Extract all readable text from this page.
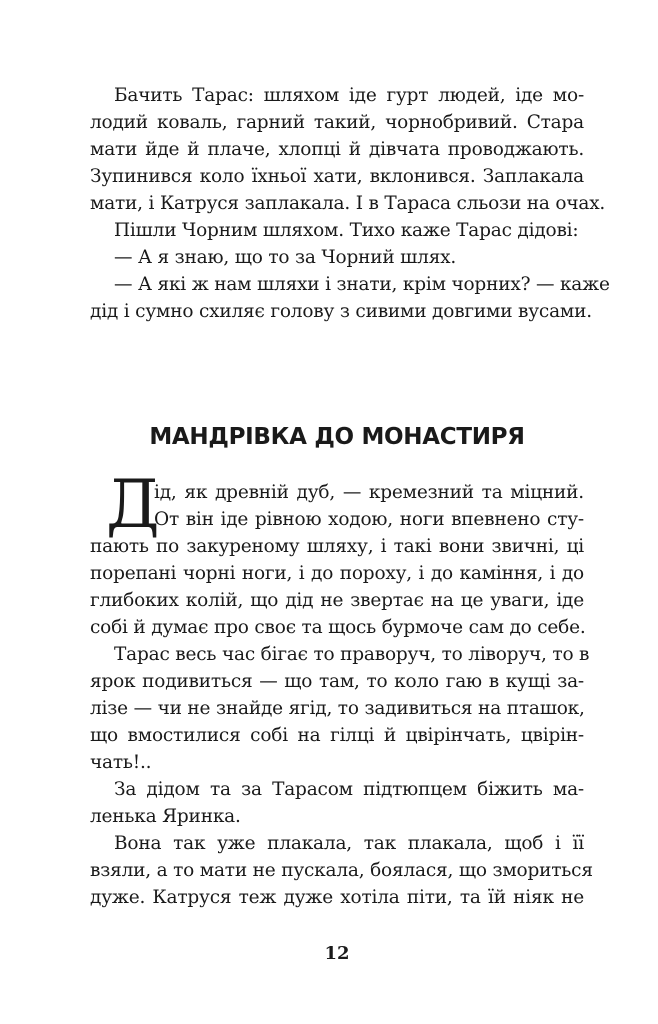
Бачить Тарас: шляхом іде гурт людей, іде мо-
лодий коваль, гарний такий, чорнобривий. Стара
мати йде й плаче, хлопці й дівчата проводжають.
Зупинився коло їхньої хати, вклонився. Заплакала
мати, і Катруся заплакала. І в Тараса сльози на очах.
Пішли Чорним шляхом. Тихо каже Тарас дідові:
— А я знаю, що то за Чорний шлях.
— А які ж нам шляхи і знати, крім чорних? — каже
дід і сумно схиляє голову з сивими довгими вусами.
МАНДРІВКА ДО МОНАСТИРЯ
Д
ід, як древній дуб, — кремезний та міцний.
От він іде рівною ходою, ноги впевнено сту-
пають по закуреному шляху, і такі вони звичні, ці
порепані чорні ноги, і до пороху, і до каміння, і до
глибоких колій, що дід не звертає на це уваги, іде
собі й думає про своє та щось бурмоче сам до себе.
Тарас весь час бігає то праворуч, то ліворуч, то в
ярок подивиться — що там, то коло гаю в кущі за-
лізе — чи не знайде ягід, то задивиться на пташок,
що вмостилися собі на гілці й цвірінчать, цвірін-
чать!..
За дідом та за Тарасом підтюпцем біжить ма-
ленька Яринка.
Вона так уже плакала, так плакала, щоб і її
взяли, а то мати не пускала, боялася, що змориться
дуже. Катруся теж дуже хотіла піти, та їй ніяк не
12
